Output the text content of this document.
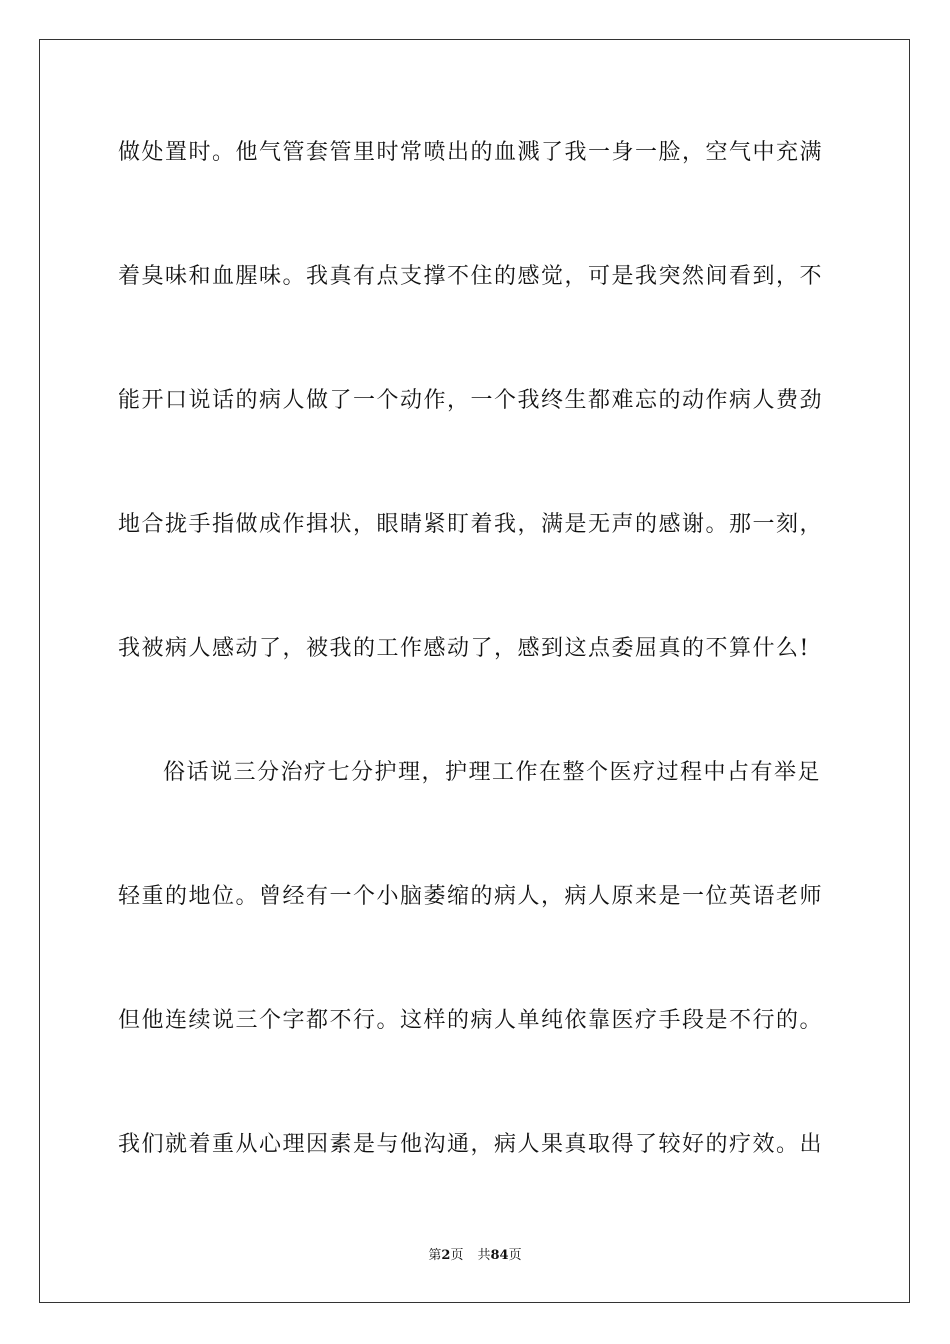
做处置时。他气管套管里时常喷出的血溅了我一身一脸，空气中充满
着臭味和血腥味。我真有点支撑不住的感觉，可是我突然间看到，不
能开口说话的病人做了一个动作，一个我终生都难忘的动作病人费劲
地合拢手指做成作揖状，眼睛紧盯着我，满是无声的感谢。那一刻，
我被病人感动了，被我的工作感动了，感到这点委屈真的不算什么!
俗话说三分治疗七分护理，护理工作在整个医疗过程中占有举足
轻重的地位。曾经有一个小脑萎缩的病人，病人原来是一位英语老师
但他连续说三个字都不行。这样的病人单纯依靠医疗手段是不行的。
我们就着重从心理因素是与他沟通，病人果真取得了较好的疗效。出
第2页 共84页
